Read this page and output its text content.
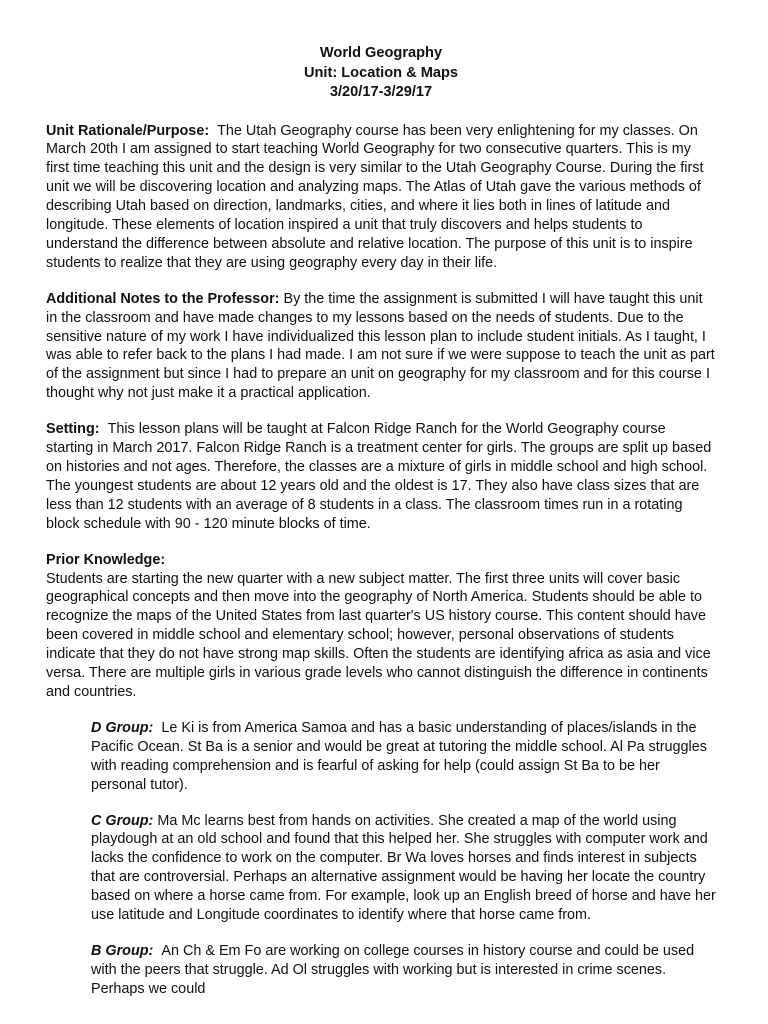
World Geography
Unit: Location & Maps
3/20/17-3/29/17

Unit Rationale/Purpose: The Utah Geography course has been very enlightening for my classes. On March 20th I am assigned to start teaching World Geography for two consecutive quarters. This is my first time teaching this unit and the design is very similar to the Utah Geography Course. During the first unit we will be discovering location and analyzing maps. The Atlas of Utah gave the various methods of describing Utah based on direction, landmarks, cities, and where it lies both in lines of latitude and longitude. These elements of location inspired a unit that truly discovers and helps students to understand the difference between absolute and relative location. The purpose of this unit is to inspire students to realize that they are using geography every day in their life.

Additional Notes to the Professor: By the time the assignment is submitted I will have taught this unit in the classroom and have made changes to my lessons based on the needs of students. Due to the sensitive nature of my work I have individualized this lesson plan to include student initials. As I taught, I was able to refer back to the plans I had made. I am not sure if we were suppose to teach the unit as part of the assignment but since I had to prepare an unit on geography for my classroom and for this course I thought why not just make it a practical application.

Setting: This lesson plans will be taught at Falcon Ridge Ranch for the World Geography course starting in March 2017. Falcon Ridge Ranch is a treatment center for girls. The groups are split up based on histories and not ages. Therefore, the classes are a mixture of girls in middle school and high school. The youngest students are about 12 years old and the oldest is 17. They also have class sizes that are less than 12 students with an average of 8 students in a class. The classroom times run in a rotating block schedule with 90 - 120 minute blocks of time.

Prior Knowledge:
Students are starting the new quarter with a new subject matter. The first three units will cover basic geographical concepts and then move into the geography of North America. Students should be able to recognize the maps of the United States from last quarter's US history course. This content should have been covered in middle school and elementary school; however, personal observations of students indicate that they do not have strong map skills. Often the students are identifying africa as asia and vice versa. There are multiple girls in various grade levels who cannot distinguish the difference in continents and countries.

D Group: Le Ki is from America Samoa and has a basic understanding of places/islands in the Pacific Ocean. St Ba is a senior and would be great at tutoring the middle school. Al Pa struggles with reading comprehension and is fearful of asking for help (could assign St Ba to be her personal tutor).

C Group: Ma Mc learns best from hands on activities. She created a map of the world using playdough at an old school and found that this helped her. She struggles with computer work and lacks the confidence to work on the computer. Br Wa loves horses and finds interest in subjects that are controversial. Perhaps an alternative assignment would be having her locate the country based on where a horse came from. For example, look up an English breed of horse and have her use latitude and Longitude coordinates to identify where that horse came from.

B Group: An Ch & Em Fo are working on college courses in history course and could be used with the peers that struggle. Ad Ol struggles with working but is interested in crime scenes. Perhaps we could
